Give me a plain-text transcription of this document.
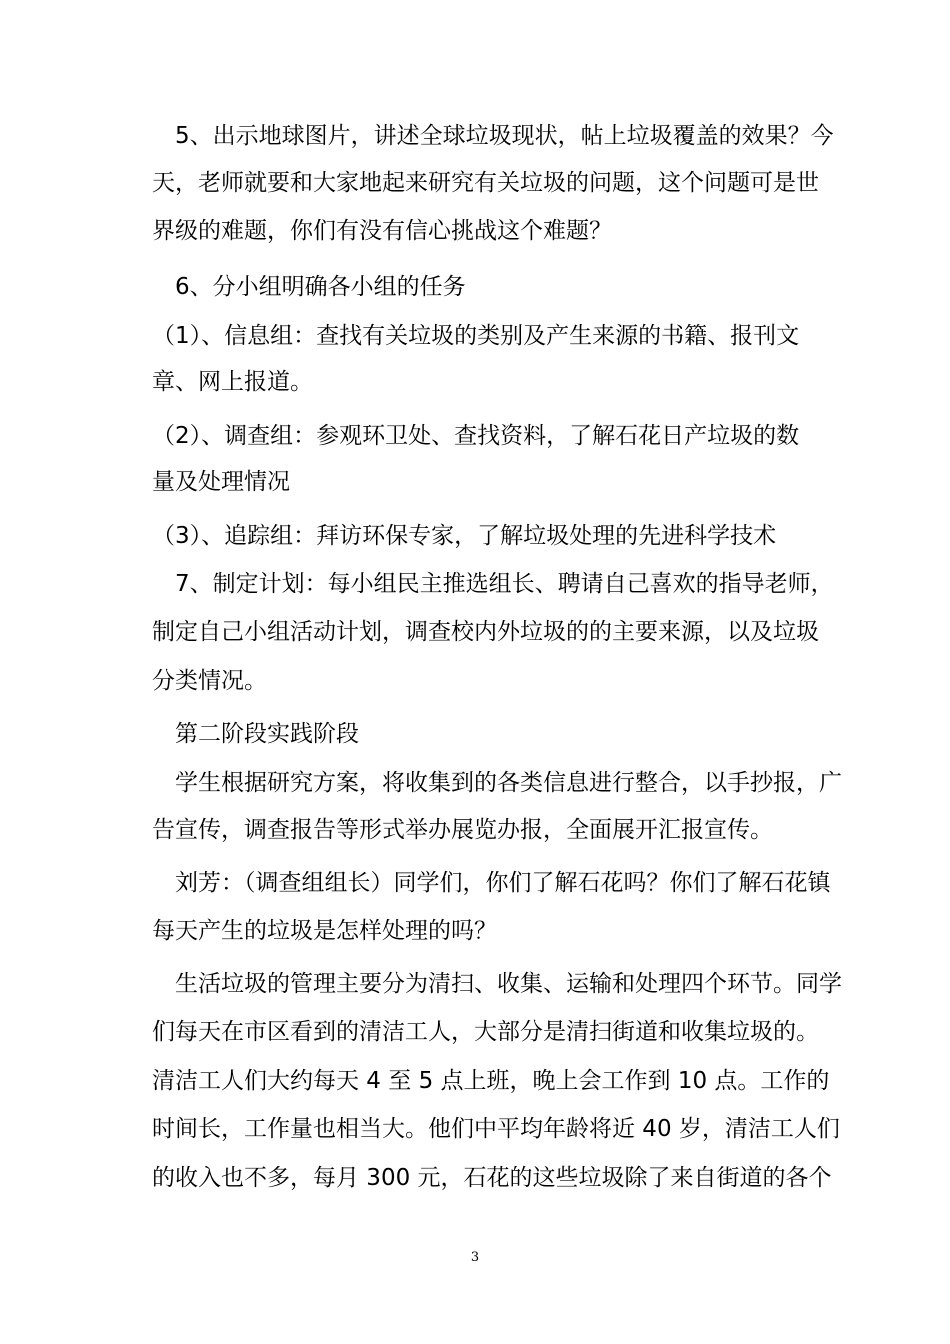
　5、出示地球图片，讲述全球垃圾现状，帖上垃圾覆盖的效果？今
天，老师就要和大家地起来研究有关垃圾的问题，这个问题可是世
界级的难题，你们有没有信心挑战这个难题？
　6、分小组明确各小组的任务
（1）、信息组：查找有关垃圾的类别及产生来源的书籍、报刊文
章、网上报道。
（2）、调查组：参观环卫处、查找资料，了解石花日产垃圾的数
量及处理情况
（3）、追踪组：拜访环保专家，了解垃圾处理的先进科学技术
　7、制定计划：每小组民主推选组长、聘请自己喜欢的指导老师，
制定自己小组活动计划，调查校内外垃圾的的主要来源，以及垃圾
分类情况。
　第二阶段实践阶段
　学生根据研究方案，将收集到的各类信息进行整合，以手抄报，广
告宣传，调查报告等形式举办展览办报，全面展开汇报宣传。
　刘芳：（调查组组长）同学们，你们了解石花吗？你们了解石花镇
每天产生的垃圾是怎样处理的吗？
　生活垃圾的管理主要分为清扫、收集、运输和处理四个环节。同学
们每天在市区看到的清洁工人，大部分是清扫街道和收集垃圾的。
清洁工人们大约每天 4 至 5 点上班，晚上会工作到 10 点。工作的
时间长，工作量也相当大。他们中平均年龄将近 40 岁，清洁工人们
的收入也不多，每月 300 元，石花的这些垃圾除了来自街道的各个
3
